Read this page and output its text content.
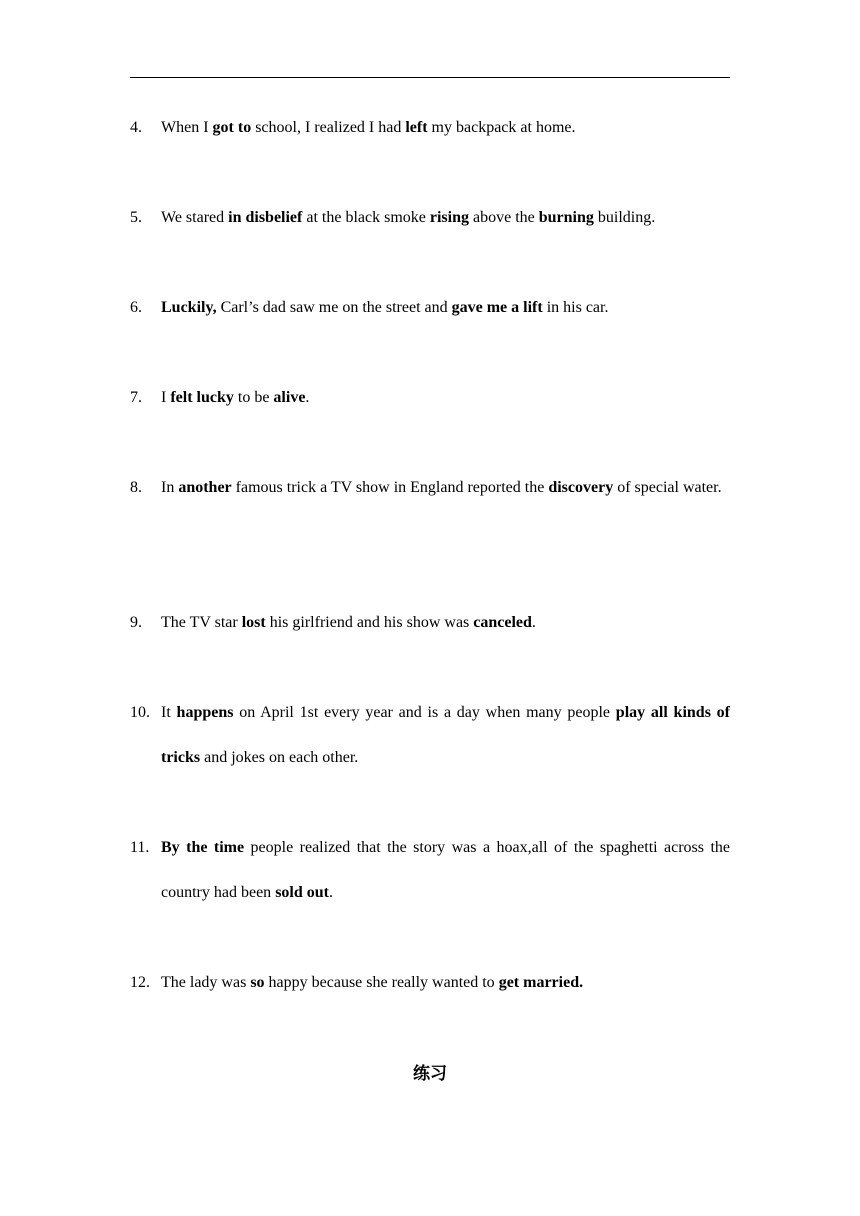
4. When I got to school, I realized I had left my backpack at home.
5. We stared in disbelief at the black smoke rising above the burning building.
6. Luckily, Carl’s dad saw me on the street and gave me a lift in his car.
7. I felt lucky to be alive.
8. In another famous trick a TV show in England reported the discovery of special water.
9. The TV star lost his girlfriend and his show was canceled.
10. It happens on April 1st every year and is a day when many people play all kinds of tricks and jokes on each other.
11. By the time people realized that the story was a hoax,all of the spaghetti across the country had been sold out.
12. The lady was so happy because she really wanted to get married.
练习
